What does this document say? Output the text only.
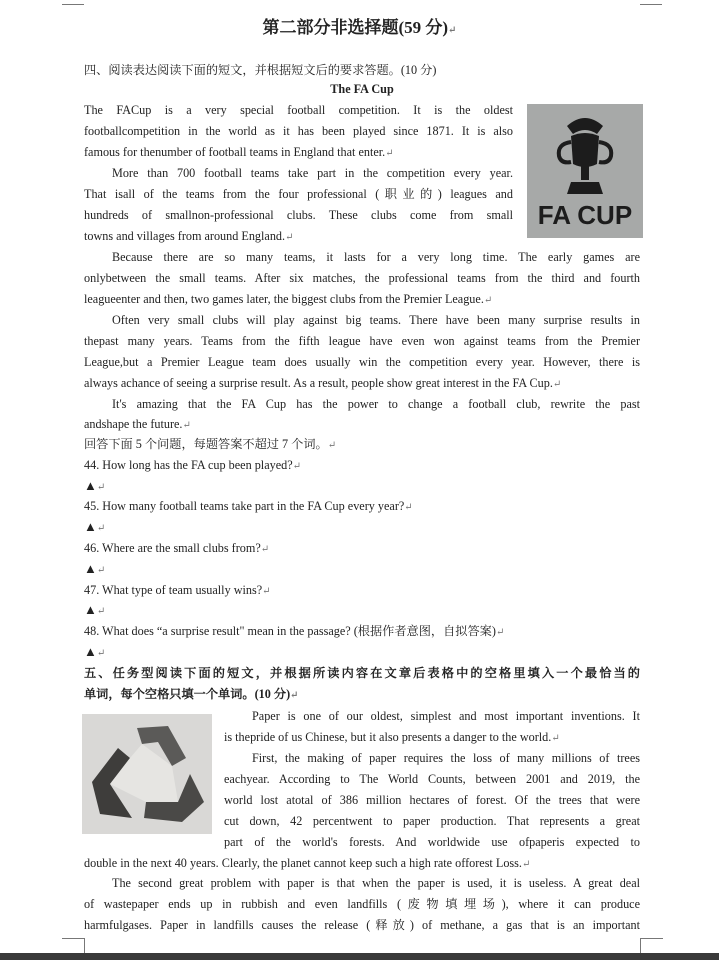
第二部分非选择题(59 分)↵
四、阅读表达阅读下面的短文，并根据短文后的要求答题。(10 分)
The FA Cup
FA CUP
The FACup is a very special football competition. It is the oldest
footballcompetition in the world as it has been played since 1871. It is also
famous for thenumber of football teams in England that enter.↵
More than 700 football teams take part in the competition every year.
That isall of the teams from the four professional (职业的) leagues and
hundreds of smallnon-professional clubs. These clubs come from small
towns and villages from around England.↵
Because there are so many teams, it lasts for a very long time. The early games are
onlybetween the small teams. After six matches, the professional teams from the third and fourth
leagueenter and then, two games later, the biggest clubs from the Premier League.↵
Often very small clubs will play against big teams. There have been many surprise results in
thepast many years. Teams from the fifth league have even won against teams from the Premier
League,but a Premier League team does usually win the competition every year. However, there is
always achance of seeing a surprise result. As a result, people show great interest in the FA Cup.↵
It's amazing that the FA Cup has the power to change a football club, rewrite the past
andshape the future.↵
回答下面 5 个问题，每题答案不超过 7 个词。↵
44. How long has the FA cup been played?↵
▲↵
45. How many football teams take part in the FA Cup every year?↵
▲↵
46. Where are the small clubs from?↵
▲↵
47. What type of team usually wins?↵
▲↵
48. What does “a surprise result" mean in the passage? (根据作者意图，自拟答案)↵
▲↵
五、任务型阅读下面的短文，并根据所读内容在文章后表格中的空格里填入一个最恰当的
单词，每个空格只填一个单词。(10 分)↵
Paper is one of our oldest, simplest and most important inventions. It
is thepride of us Chinese, but it also presents a danger to the world.↵
First, the making of paper requires the loss of many millions of trees
eachyear. According to The World Counts, between 2001 and 2019, the
world lost atotal of 386 million hectares of forest. Of the trees that were
cut down, 42 percentwent to paper production. That represents a great
part of the world's forests. And worldwide use ofpaperis expected to
double in the next 40 years. Clearly, the planet cannot keep such a high rate offorest Loss.↵
The second great problem with paper is that when the paper is used, it is useless. A great deal
of wastepaper ends up in rubbish and even landfills (废物填埋场), where it can produce
harmfulgases. Paper in landfills causes the release (释放) of methane, a gas that is an important
